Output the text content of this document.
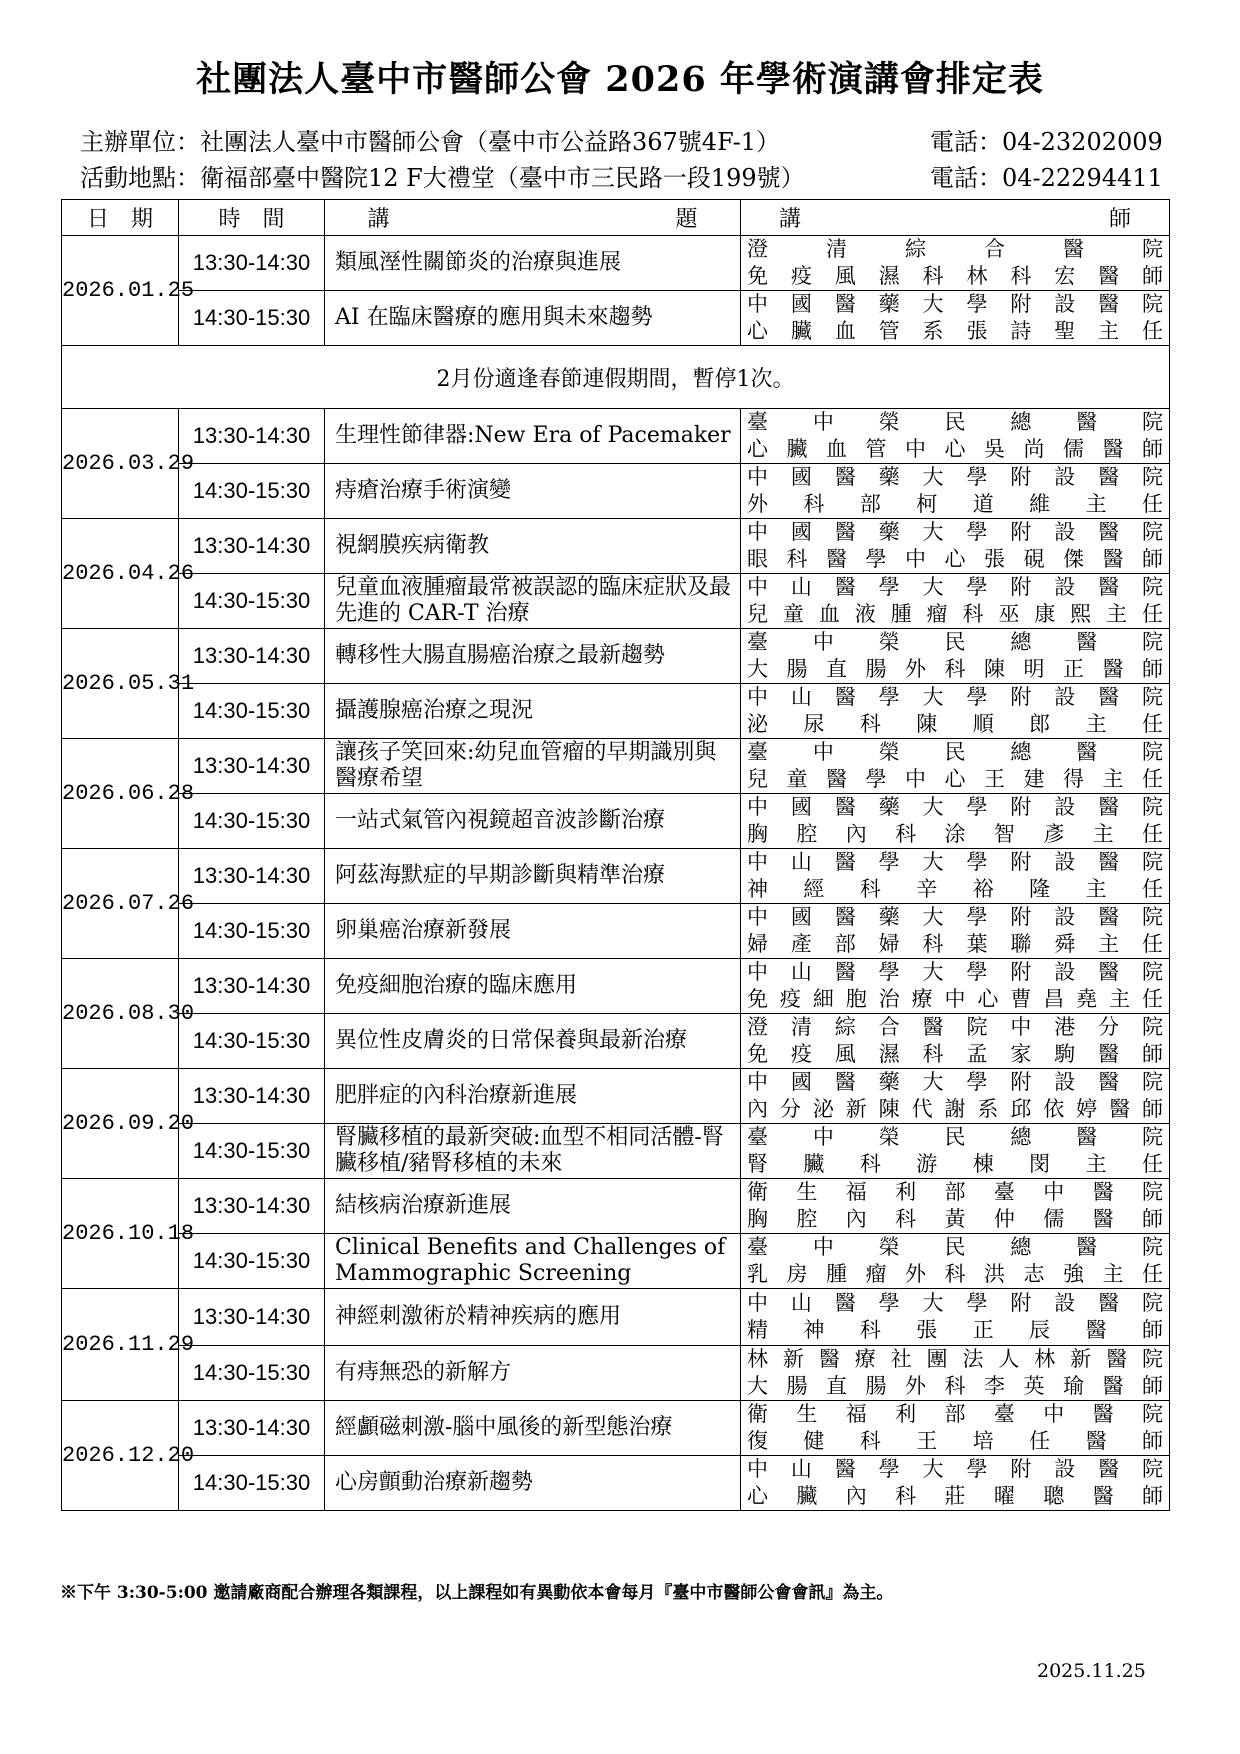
社團法人臺中市醫師公會 2026 年學術演講會排定表
主辦單位：社團法人臺中市醫師公會（臺中市公益路367號4F-1）	電話：04-23202009
活動地點：衛福部臺中醫院12 F大禮堂（臺中市三民路一段199號）	電話：04-22294411
日　期	時　間	講　　　　　　　　　　　　　題	講　　　　　　　　　　　　　　師
2026.01.25	13:30-14:30	類風溼性關節炎的治療與進展	澄清綜合醫院
免疫風濕科林科宏醫師

	14:30-15:30	AI 在臨床醫療的應用與未來趨勢	中國醫藥大學附設醫院
心臟血管系張詩聖主任

2月份適逢春節連假期間，暫停1次。			
2026.03.29	13:30-14:30	生理性節律器:New Era of Pacemaker	臺中榮民總醫院
心臟血管中心吳尚儒醫師

	14:30-15:30	痔瘡治療手術演變	中國醫藥大學附設醫院
外科部柯道維主任

2026.04.26	13:30-14:30	視網膜疾病衛教	中國醫藥大學附設醫院
眼科醫學中心張硯傑醫師

	14:30-15:30	兒童血液腫瘤最常被誤認的臨床症狀及最先進的 CAR-T 治療	中山醫學大學附設醫院
兒童血液腫瘤科巫康熙主任

2026.05.31	13:30-14:30	轉移性大腸直腸癌治療之最新趨勢	臺中榮民總醫院
大腸直腸外科陳明正醫師

	14:30-15:30	攝護腺癌治療之現況	中山醫學大學附設醫院
泌尿科陳順郎主任

2026.06.28	13:30-14:30	讓孩子笑回來:幼兒血管瘤的早期識別與醫療希望	臺中榮民總醫院
兒童醫學中心王建得主任

	14:30-15:30	一站式氣管內視鏡超音波診斷治療	中國醫藥大學附設醫院
胸腔內科涂智彥主任

2026.07.26	13:30-14:30	阿茲海默症的早期診斷與精準治療	中山醫學大學附設醫院
神經科辛裕隆主任

	14:30-15:30	卵巢癌治療新發展	中國醫藥大學附設醫院
婦產部婦科葉聯舜主任

2026.08.30	13:30-14:30	免疫細胞治療的臨床應用	中山醫學大學附設醫院
免疫細胞治療中心曹昌堯主任

	14:30-15:30	異位性皮膚炎的日常保養與最新治療	澄清綜合醫院中港分院
免疫風濕科孟家駒醫師

2026.09.20	13:30-14:30	肥胖症的內科治療新進展	中國醫藥大學附設醫院
內分泌新陳代謝系邱依婷醫師

	14:30-15:30	腎臟移植的最新突破:血型不相同活體-腎臟移植/豬腎移植的未來	臺中榮民總醫院
腎臟科游棟閔主任

2026.10.18	13:30-14:30	結核病治療新進展	衛生福利部臺中醫院
胸腔內科黃仲儒醫師

	14:30-15:30	Clinical Benefits and Challenges of Mammographic Screening	臺中榮民總醫院
乳房腫瘤外科洪志強主任

2026.11.29	13:30-14:30	神經刺激術於精神疾病的應用	中山醫學大學附設醫院
精神科張正辰醫師

	14:30-15:30	有痔無恐的新解方	林新醫療社團法人林新醫院
大腸直腸外科李英瑜醫師

2026.12.20	13:30-14:30	經顱磁刺激-腦中風後的新型態治療	衛生福利部臺中醫院
復健科王培任醫師

	14:30-15:30	心房顫動治療新趨勢	中山醫學大學附設醫院
心臟內科莊曜聰醫師
※下午 3:30-5:00 邀請廠商配合辦理各類課程，以上課程如有異動依本會每月『臺中市醫師公會會訊』為主。
2025.11.25
